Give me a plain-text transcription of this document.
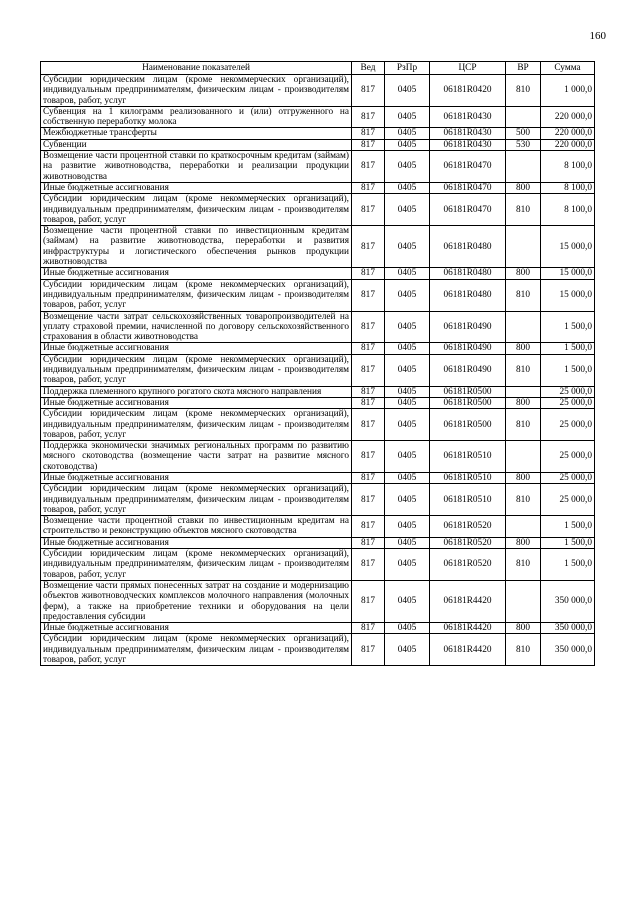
160
Наименование показателей	Вед	РзПр	ЦСР	ВР	Сумма
Субсидии юридическим лицам (кроме некоммерческих организаций), индивидуальным предпринимателям, физическим лицам - производителям товаров, работ, услуг	817	0405	06181R0420	810	1 000,0
Субвенция на 1 килограмм реализованного и (или) отгруженного на собственную переработку молока	817	0405	06181R0430		220 000,0
Межбюджетные трансферты	817	0405	06181R0430	500	220 000,0
Субвенции	817	0405	06181R0430	530	220 000,0
Возмещение части процентной ставки по краткосрочным кредитам (займам) на развитие животноводства, переработки и реализации продукции животноводства	817	0405	06181R0470		8 100,0
Иные бюджетные ассигнования	817	0405	06181R0470	800	8 100,0
Субсидии юридическим лицам (кроме некоммерческих организаций), индивидуальным предпринимателям, физическим лицам - производителям товаров, работ, услуг	817	0405	06181R0470	810	8 100,0
Возмещение части процентной ставки по инвестиционным кредитам (займам) на развитие животноводства, переработки и развития инфраструктуры и логистического обеспечения рынков продукции животноводства	817	0405	06181R0480		15 000,0
Иные бюджетные ассигнования	817	0405	06181R0480	800	15 000,0
Субсидии юридическим лицам (кроме некоммерческих организаций), индивидуальным предпринимателям, физическим лицам - производителям товаров, работ, услуг	817	0405	06181R0480	810	15 000,0
Возмещение части затрат сельскохозяйственных товаропроизводителей на уплату страховой премии, начисленной по договору сельскохозяйственного страхования в области животноводства	817	0405	06181R0490		1 500,0
Иные бюджетные ассигнования	817	0405	06181R0490	800	1 500,0
Субсидии юридическим лицам (кроме некоммерческих организаций), индивидуальным предпринимателям, физическим лицам - производителям товаров, работ, услуг	817	0405	06181R0490	810	1 500,0
Поддержка племенного крупного рогатого скота мясного направления	817	0405	06181R0500		25 000,0
Иные бюджетные ассигнования	817	0405	06181R0500	800	25 000,0
Субсидии юридическим лицам (кроме некоммерческих организаций), индивидуальным предпринимателям, физическим лицам - производителям товаров, работ, услуг	817	0405	06181R0500	810	25 000,0
Поддержка экономически значимых региональных программ по развитию мясного скотоводства (возмещение части затрат на развитие мясного скотоводства)	817	0405	06181R0510		25 000,0
Иные бюджетные ассигнования	817	0405	06181R0510	800	25 000,0
Субсидии юридическим лицам (кроме некоммерческих организаций), индивидуальным предпринимателям, физическим лицам - производителям товаров, работ, услуг	817	0405	06181R0510	810	25 000,0
Возмещение части процентной ставки по инвестиционным кредитам на строительство и реконструкцию объектов мясного скотоводства	817	0405	06181R0520		1 500,0
Иные бюджетные ассигнования	817	0405	06181R0520	800	1 500,0
Субсидии юридическим лицам (кроме некоммерческих организаций), индивидуальным предпринимателям, физическим лицам - производителям товаров, работ, услуг	817	0405	06181R0520	810	1 500,0
Возмещение части прямых понесенных затрат на создание и модернизацию объектов животноводческих комплексов молочного направления (молочных ферм), а также на приобретение техники и оборудования на цели предоставления субсидии	817	0405	06181R4420		350 000,0
Иные бюджетные ассигнования	817	0405	06181R4420	800	350 000,0
Субсидии юридическим лицам (кроме некоммерческих организаций), индивидуальным предпринимателям, физическим лицам - производителям товаров, работ, услуг	817	0405	06181R4420	810	350 000,0
